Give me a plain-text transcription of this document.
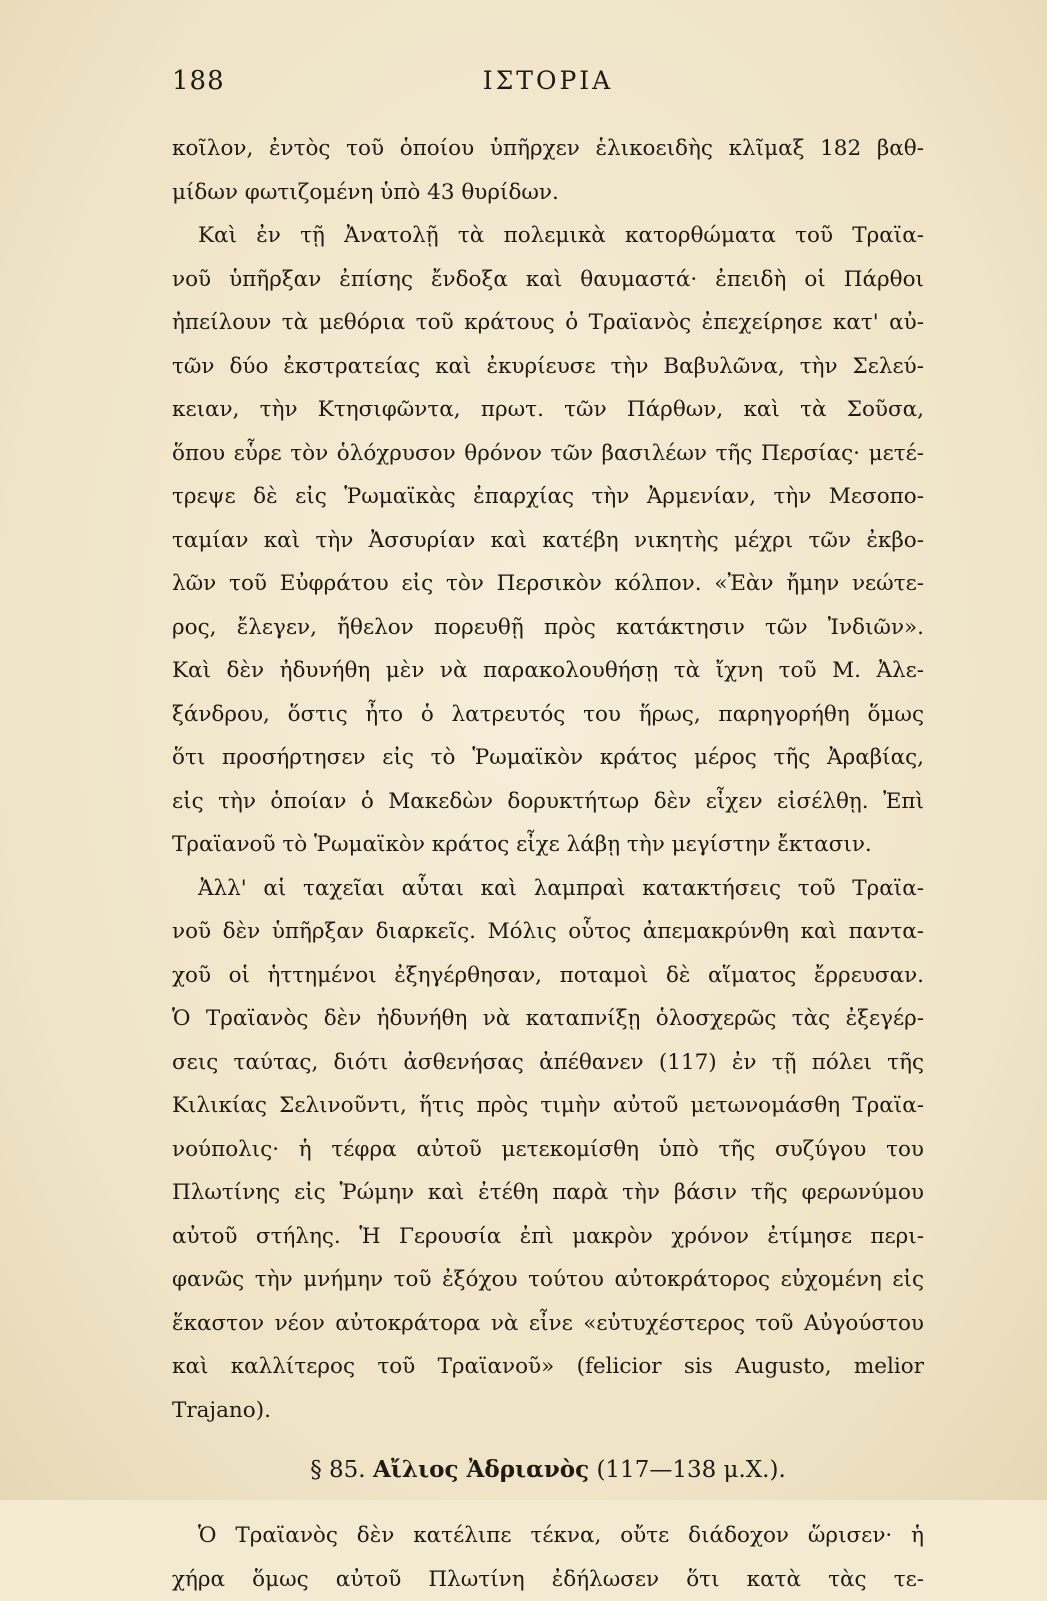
188	ΙΣΤΟΡΙΑ
κοῖλον, ἐντὸς τοῦ ὁποίου ὑπῆρχεν ἑλικοειδὴς κλῖμαξ 182 βαθ-
μίδων φωτιζομένη ὑπὸ 43 θυρίδων.
Καὶ ἐν τῇ Ἀνατολῇ τὰ πολεμικὰ κατορθώματα τοῦ Τραϊα-
νοῦ ὑπῆρξαν ἐπίσης ἔνδοξα καὶ θαυμαστά· ἐπειδὴ οἱ Πάρθοι
ἠπείλουν τὰ μεθόρια τοῦ κράτους ὁ Τραϊανὸς ἐπεχείρησε κατ' αὐ-
τῶν δύο ἐκστρατείας καὶ ἐκυρίευσε τὴν Βαβυλῶνα, τὴν Σελεύ-
κειαν, τὴν Κτησιφῶντα, πρωτ. τῶν Πάρθων, καὶ τὰ Σοῦσα,
ὅπου εὗρε τὸν ὁλόχρυσον θρόνον τῶν βασιλέων τῆς Περσίας· μετέ-
τρεψε δὲ εἰς Ῥωμαϊκὰς ἐπαρχίας τὴν Ἀρμενίαν, τὴν Μεσοπο-
ταμίαν καὶ τὴν Ἀσσυρίαν καὶ κατέβη νικητὴς μέχρι τῶν ἐκβο-
λῶν τοῦ Εὐφράτου εἰς τὸν Περσικὸν κόλπον. «Ἐὰν ἤμην νεώτε-
ρος, ἔλεγεν, ἤθελον πορευθῇ πρὸς κατάκτησιν τῶν Ἰνδιῶν».
Καὶ δὲν ἠδυνήθη μὲν νὰ παρακολουθήσῃ τὰ ἴχνη τοῦ Μ. Ἀλε-
ξάνδρου, ὅστις ἦτο ὁ λατρευτός του ἥρως, παρηγορήθη ὅμως
ὅτι προσήρτησεν εἰς τὸ Ῥωμαϊκὸν κράτος μέρος τῆς Ἀραβίας,
εἰς τὴν ὁποίαν ὁ Μακεδὼν δορυκτήτωρ δὲν εἶχεν εἰσέλθῃ. Ἐπὶ
Τραϊανοῦ τὸ Ῥωμαϊκὸν κράτος εἶχε λάβῃ τὴν μεγίστην ἔκτασιν.
Ἀλλ' αἱ ταχεῖαι αὗται καὶ λαμπραὶ κατακτήσεις τοῦ Τραϊα-
νοῦ δὲν ὑπῆρξαν διαρκεῖς. Μόλις οὗτος ἀπεμακρύνθη καὶ παντα-
χοῦ οἱ ἡττημένοι ἐξηγέρθησαν, ποταμοὶ δὲ αἵματος ἔρρευσαν.
Ὁ Τραϊανὸς δὲν ἠδυνήθη νὰ καταπνίξῃ ὁλοσχερῶς τὰς ἐξεγέρ-
σεις ταύτας, διότι ἀσθενήσας ἀπέθανεν (117) ἐν τῇ πόλει τῆς
Κιλικίας Σελινοῦντι, ἥτις πρὸς τιμὴν αὐτοῦ μετωνομάσθη Τραϊα-
νούπολις· ἡ τέφρα αὐτοῦ μετεκομίσθη ὑπὸ τῆς συζύγου του
Πλωτίνης εἰς Ῥώμην καὶ ἐτέθη παρὰ τὴν βάσιν τῆς φερωνύμου
αὐτοῦ στήλης. Ἡ Γερουσία ἐπὶ μακρὸν χρόνον ἐτίμησε περι-
φανῶς τὴν μνήμην τοῦ ἐξόχου τούτου αὐτοκράτορος εὐχομένη εἰς
ἕκαστον νέον αὐτοκράτορα νὰ εἶνε «εὐτυχέστερος τοῦ Αὐγούστου
καὶ καλλίτερος τοῦ Τραϊανοῦ» (felicior sis Augusto, melior
Trajano).
§ 85. Αἴλιος Ἀδριανὸς (117—138 μ.Χ.).
Ὁ Τραϊανὸς δὲν κατέλιπε τέκνα, οὔτε διάδοχον ὥρισεν· ἡ
χήρα ὅμως αὐτοῦ Πλωτίνη ἐδήλωσεν ὅτι κατὰ τὰς τε-
